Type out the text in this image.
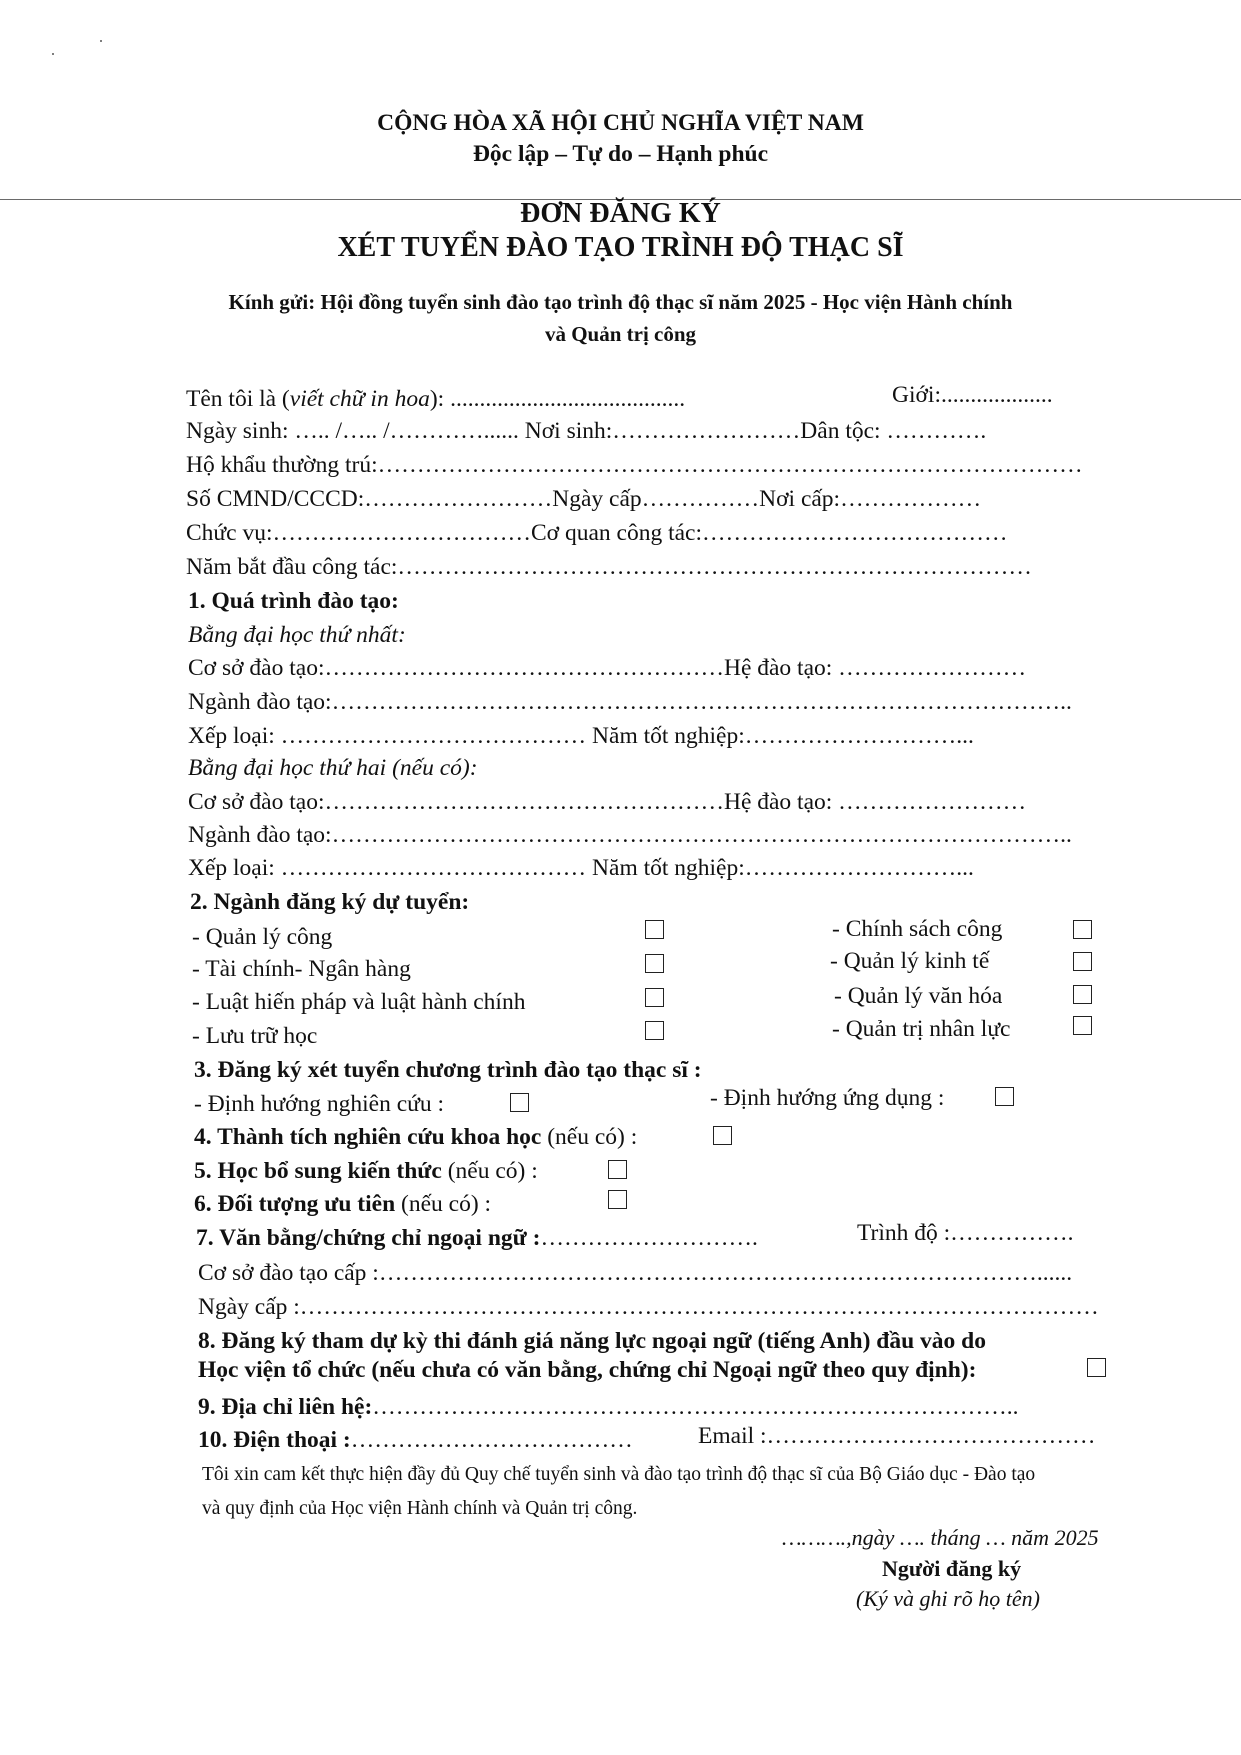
CỘNG HÒA XÃ HỘI CHỦ NGHĨA VIỆT NAM
Độc lập – Tự do – Hạnh phúc
ĐƠN ĐĂNG KÝ
XÉT TUYỂN ĐÀO TẠO TRÌNH ĐỘ THẠC SĨ
Kính gửi: Hội đồng tuyển sinh đào tạo trình độ thạc sĩ năm 2025 - Học viện Hành chính
và Quản trị công
Tên tôi là (viết chữ in hoa): ........................................	Giới:...................
Ngày sinh: ….. /….. /…………...... Nơi sinh:……………………Dân tộc: ………….
Hộ khẩu thường trú:………………………………………………………………………………
Số CMND/CCCD:……………………Ngày cấp……………Nơi cấp:………………
Chức vụ:……………………………Cơ quan công tác:…………………………………
Năm bắt đầu công tác:………………………………………………………………………
1. Quá trình đào tạo:
Bằng đại học thứ nhất:
Cơ sở đào tạo:……………………………………………Hệ đào tạo: ……………………
Ngành đào tạo:…………………………………………………………………………………..
Xếp loại: ………………………………… Năm tốt nghiệp:………………………...
Bằng đại học thứ hai (nếu có):
Cơ sở đào tạo:……………………………………………Hệ đào tạo: ……………………
Ngành đào tạo:…………………………………………………………………………………..
Xếp loại: ………………………………… Năm tốt nghiệp:………………………...
2. Ngành đăng ký dự tuyển:
- Quản lý công	- Chính sách công
- Tài chính- Ngân hàng	- Quản lý kinh tế
- Luật hiến pháp và luật hành chính	- Quản lý văn hóa
- Lưu trữ học	- Quản trị nhân lực
3. Đăng ký xét tuyển chương trình đào tạo thạc sĩ :
- Định hướng nghiên cứu :	- Định hướng ứng dụng :
4. Thành tích nghiên cứu khoa học (nếu có) :
5. Học bổ sung kiến thức (nếu có) :
6. Đối tượng ưu tiên (nếu có) :
7. Văn bằng/chứng chỉ ngoại ngữ :……………………….	Trình độ :…………….
Cơ sở đào tạo cấp :…………………………………………………………………………......
Ngày cấp :…………………………………………………………………………………………
8. Đăng ký tham dự kỳ thi đánh giá năng lực ngoại ngữ (tiếng Anh) đầu vào do
Học viện tổ chức (nếu chưa có văn bằng, chứng chỉ Ngoại ngữ theo quy định):
9. Địa chỉ liên hệ:………………………………………………………………………..
10. Điện thoại :………………………………	Email :……………………………………
Tôi xin cam kết thực hiện đầy đủ Quy chế tuyển sinh và đào tạo trình độ thạc sĩ của Bộ Giáo dục - Đào tạo
và quy định của Học viện Hành chính và Quản trị công.
……….,ngày …. tháng … năm 2025
Người đăng ký
(Ký và ghi rõ họ tên)
